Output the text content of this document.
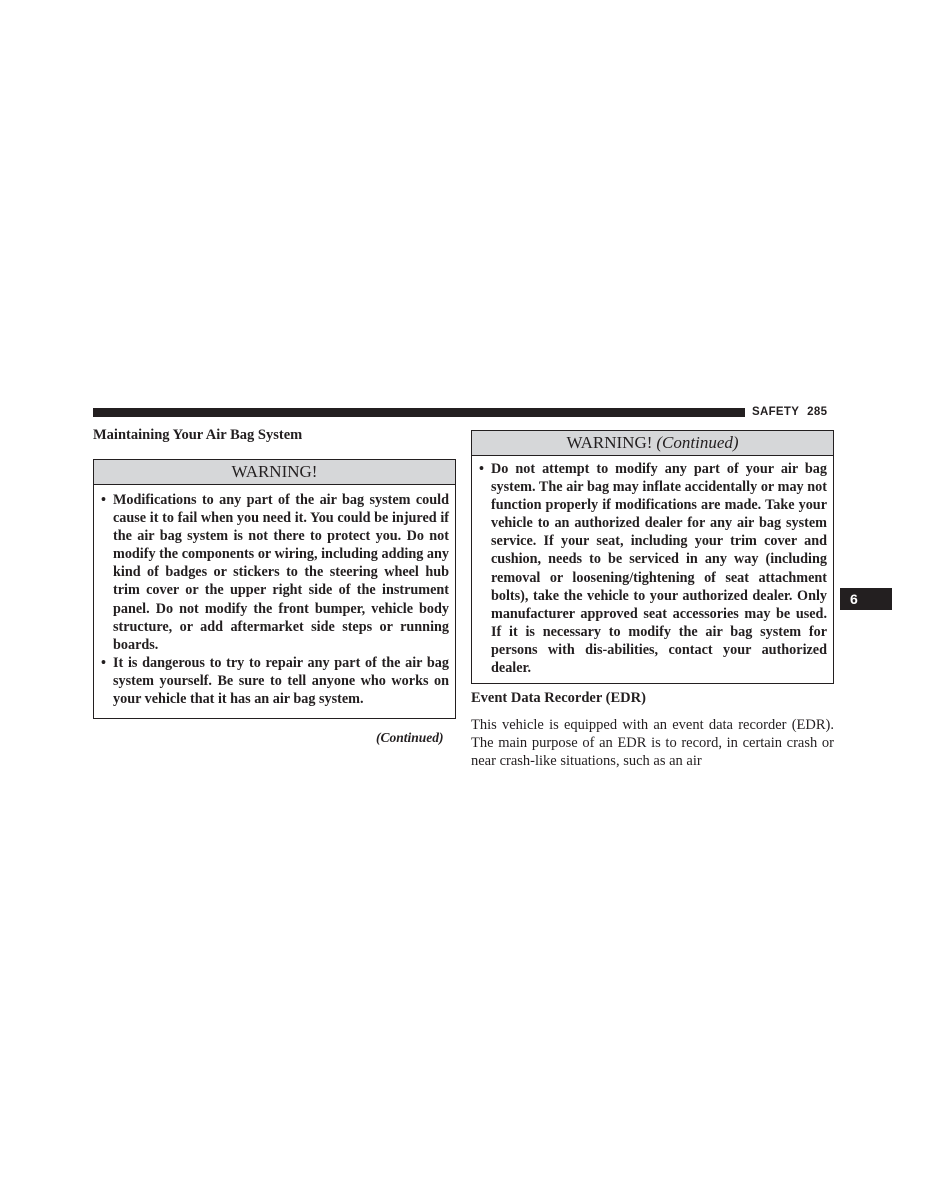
SAFETY 285
6
Maintaining Your Air Bag System
WARNING!
• Modifications to any part of the air bag system could cause it to fail when you need it. You could be injured if the air bag system is not there to protect you. Do not modify the components or wiring, including adding any kind of badges or stickers to the steering wheel hub trim cover or the upper right side of the instrument panel. Do not modify the front bumper, vehicle body structure, or add aftermarket side steps or running boards.
• It is dangerous to try to repair any part of the air bag system yourself. Be sure to tell anyone who works on your vehicle that it has an air bag system.
(Continued)
WARNING! (Continued)
• Do not attempt to modify any part of your air bag system. The air bag may inflate accidentally or may not function properly if modifications are made. Take your vehicle to an authorized dealer for any air bag system service. If your seat, including your trim cover and cushion, needs to be serviced in any way (including removal or loosening/tightening of seat attachment bolts), take the vehicle to your authorized dealer. Only manufacturer approved seat accessories may be used. If it is necessary to modify the air bag system for persons with dis-abilities, contact your authorized dealer.
Event Data Recorder (EDR)
This vehicle is equipped with an event data recorder (EDR). The main purpose of an EDR is to record, in certain crash or near crash-like situations, such as an air
